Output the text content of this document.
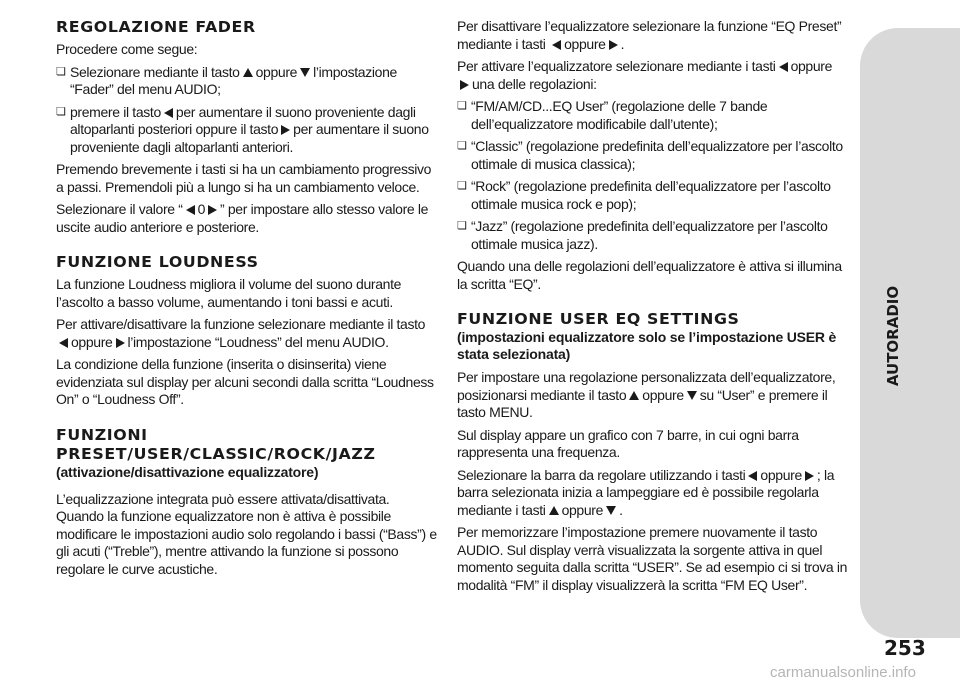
REGOLAZIONE FADER

Procedere come segue:

❏
Selezionare mediante il tasto oppure l’impostazione “Fader” del menu AUDIO;
❏
premere il tasto per aumentare il suono proveniente dagli altoparlanti posteriori oppure il tasto per aumentare il suono proveniente dagli altoparlanti anteriori.

Premendo brevemente i tasti si ha un cambiamento progressivo a passi. Premendoli più a lungo si ha un cambiamento veloce.

Selezionare il valore “ 0 ” per impostare allo stesso valore le uscite audio anteriore e posteriore.

FUNZIONE LOUDNESS

La funzione Loudness migliora il volume del suono durante l’ascolto a basso volume, aumentando i toni bassi e acuti.

Per attivare/disattivare la funzione selezionare mediante il tasto oppure l’impostazione “Loudness” del menu AUDIO.

La condizione della funzione (inserita o disinserita) viene evidenziata sul display per alcuni secondi dalla scritta “Loudness On” o “Loudness Off”.

FUNZIONI
PRESET/USER/CLASSIC/ROCK/JAZZ
(attivazione/disattivazione equalizzatore)

L’equalizzazione integrata può essere attivata/disattivata. Quando la funzione equalizzatore non è attiva è possibile modificare le impostazioni audio solo regolando i bassi (“Bass”) e gli acuti (“Treble”), mentre attivando la funzione si possono regolare le curve acustiche.

Per disattivare l’equalizzatore selezionare la funzione “EQ Preset” mediante i tasti oppure .

Per attivare l’equalizzatore selezionare mediante i tasti oppure una delle regolazioni:

❏
“FM/AM/CD...EQ User” (regolazione delle 7 bande dell’equalizzatore modificabile dall’utente);
❏
“Classic” (regolazione predefinita dell’equalizzatore per l’ascolto ottimale di musica classica);
❏
“Rock” (regolazione predefinita dell’equalizzatore per l’ascolto ottimale musica rock e pop);
❏
“Jazz” (regolazione predefinita dell’equalizzatore per l’ascolto ottimale musica jazz).

Quando una delle regolazioni dell’equalizzatore è attiva si illumina la scritta “EQ”.

FUNZIONE USER EQ SETTINGS
(impostazioni equalizzatore solo se l’impostazione USER è stata selezionata)

Per impostare una regolazione personalizzata dell’equalizzatore, posizionarsi mediante il tasto oppure su “User” e premere il tasto MENU.

Sul display appare un grafico con 7 barre, in cui ogni barra rappresenta una frequenza.

Selezionare la barra da regolare utilizzando i tasti oppure ; la barra selezionata inizia a lampeggiare ed è possibile regolarla mediante i tasti oppure .

Per memorizzare l’impostazione premere nuovamente il tasto AUDIO. Sul display verrà visualizzata la sorgente attiva in quel momento seguita dalla scritta “USER”. Se ad esempio ci si trova in modalità “FM” il display visualizzerà la scritta “FM EQ User”.

AUTORADIO
253
carmanualsonline.info
